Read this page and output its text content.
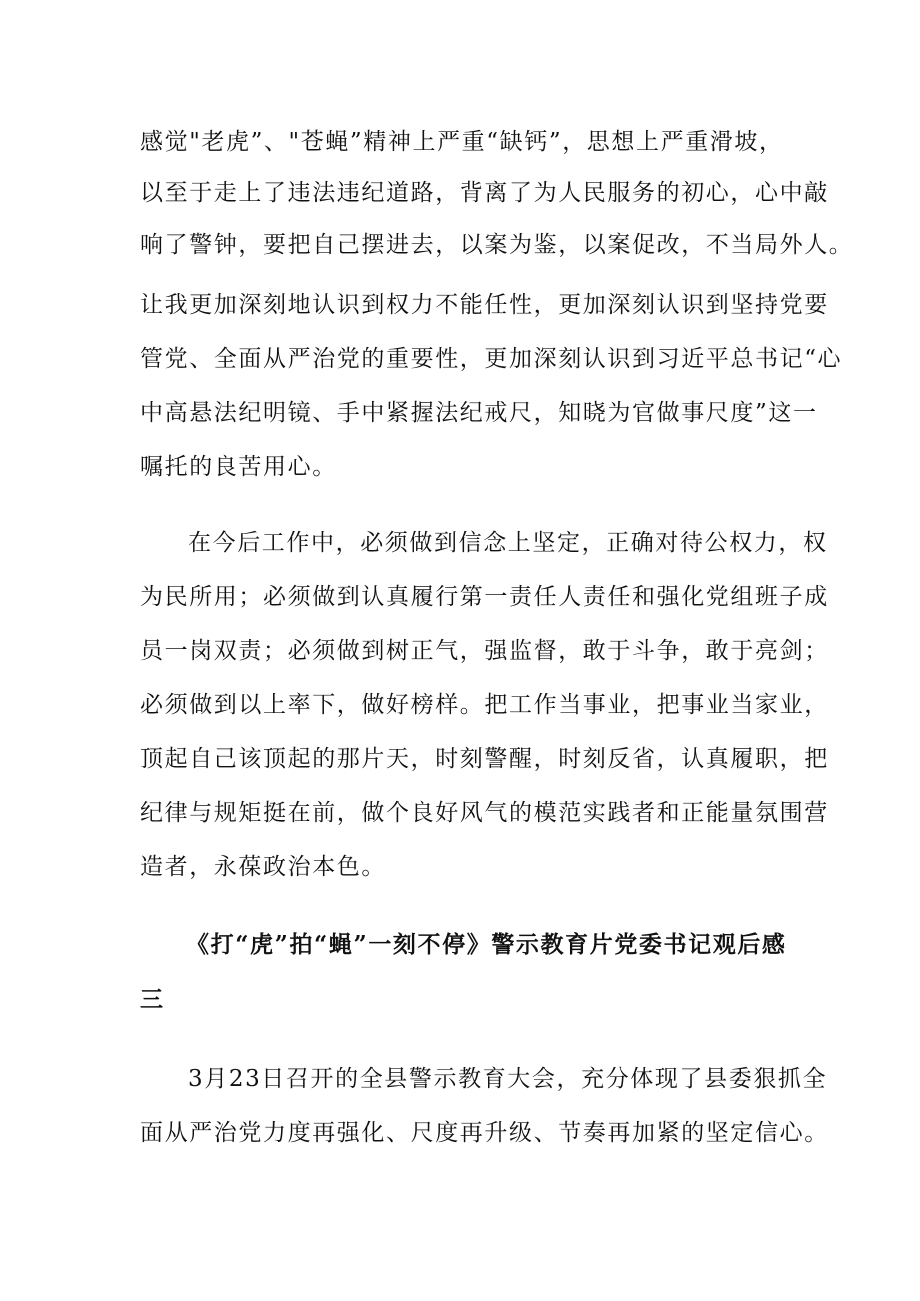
感觉"老虎”、"苍蝇”精神上严重“缺钙”，思想上严重滑坡，
以至于走上了违法违纪道路，背离了为人民服务的初心，心中敲
响了警钟，要把自己摆进去，以案为鉴，以案促改，不当局外人。
让我更加深刻地认识到权力不能任性，更加深刻认识到坚持党要
管党、全面从严治党的重要性，更加深刻认识到习近平总书记“心
中高悬法纪明镜、手中紧握法纪戒尺，知晓为官做事尺度”这一
嘱托的良苦用心。
在今后工作中，必须做到信念上坚定，正确对待公权力，权
为民所用；必须做到认真履行第一责任人责任和强化党组班子成
员一岗双责；必须做到树正气，强监督，敢于斗争，敢于亮剑；
必须做到以上率下，做好榜样。把工作当事业，把事业当家业，
顶起自己该顶起的那片天，时刻警醒，时刻反省，认真履职，把
纪律与规矩挺在前，做个良好风气的模范实践者和正能量氛围营
造者，永葆政治本色。
《打“虎”拍“蝇”一刻不停》警示教育片党委书记观后感
三
3月23日召开的全县警示教育大会，充分体现了县委狠抓全
面从严治党力度再强化、尺度再升级、节奏再加紧的坚定信心。
